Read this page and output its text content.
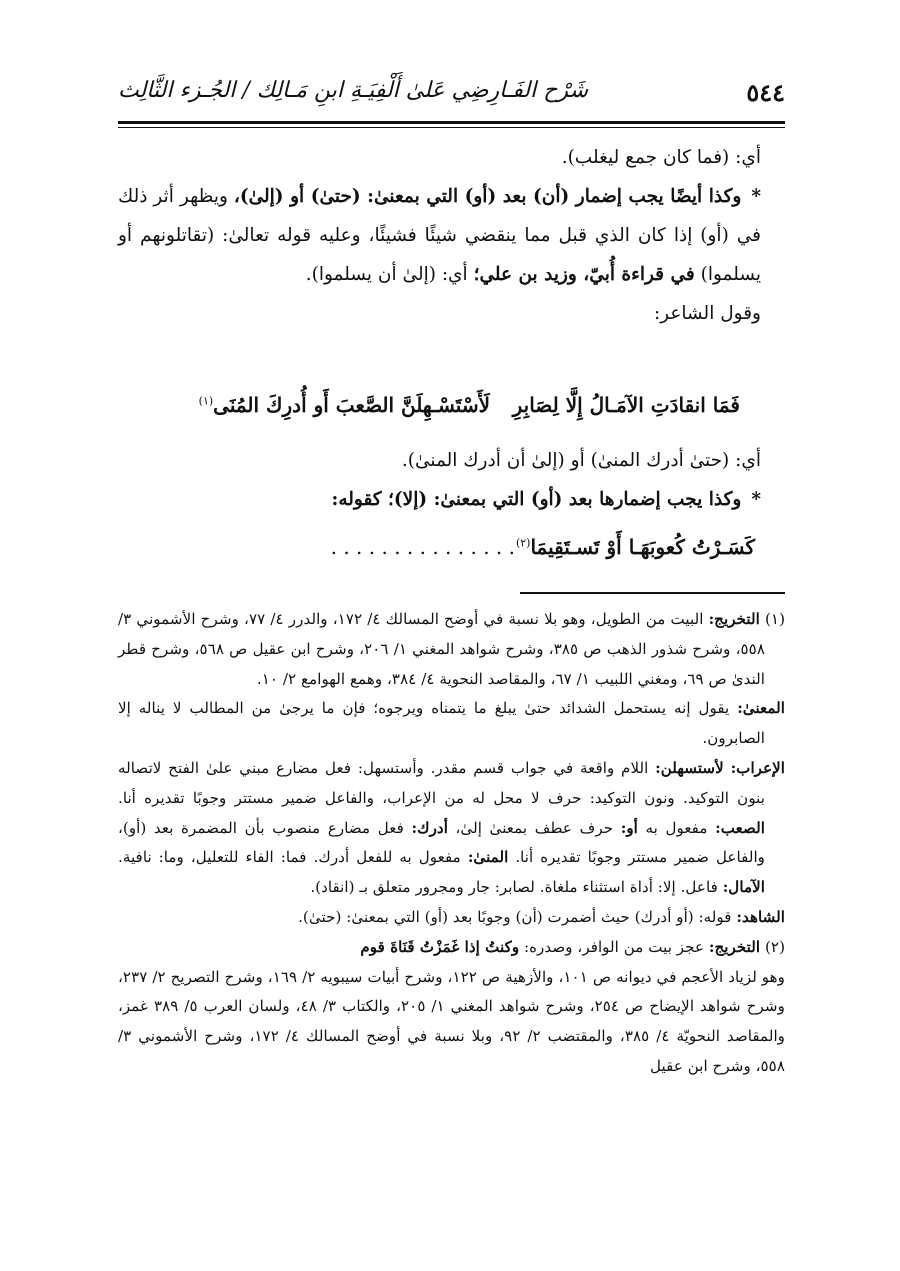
٥٤٤
شَرْح الفَـارِضِي عَلىٰ أَلْفِيَـةِ ابنِ مَـالِك / الجُـزء الثَّالِث

أي: (فما كان جمع ليغلب).

*وكذا أيضًا يجب إضمار (أن) بعد (أو) التي بمعنىٰ: (حتىٰ) أو (إلىٰ)، ويظهر أثر ذلك في (أو) إذا كان الذي قبل مما ينقضي شيئًا فشيئًا، وعليه قوله تعالىٰ: (تقاتلونهم أو يسلموا) في قراءة أُبيّ، وزيد بن علي؛ أي: (إلىٰ أن يسلموا).

وقول الشاعر:

لَأَسْتَسْـهِلَنَّ الصَّعبَ أَو أُدرِكَ المُنَى$^{(١)}$	فَمَا انقادَتِ الآمَـالُ إِلَّا لِصَابِرِ

أي: (حتىٰ أدرك المنىٰ) أو (إلىٰ أن أدرك المنىٰ).

*وكذا يجب إضمارها بعد (أو) التي بمعنىٰ: (إلا)؛ كقوله:

كَسَـرْتُ كُعوبَهَـا أَوْ تَسـتَقِيمَا$^{(٢)}$
. . . . . . . . . . . . . . .

(١) التخريج: البيت من الطويل، وهو بلا نسبة في أوضح المسالك ٤/ ١٧٢، والدرر ٤/ ٧٧، وشرح الأشموني ٣/ ٥٥٨، وشرح شذور الذهب ص ٣٨٥، وشرح شواهد المغني ١/ ٢٠٦، وشرح ابن عقيل ص ٥٦٨، وشرح قطر الندىٰ ص ٦٩، ومغني اللبيب ١/ ٦٧، والمقاصد النحوية ٤/ ٣٨٤، وهمع الهوامع ٢/ ١٠.

المعنىٰ: يقول إنه يستحمل الشدائد حتىٰ يبلغ ما يتمناه ويرجوه؛ فإن ما يرجىٰ من المطالب لا يناله إلا الصابرون.

الإعراب: لأستسهلن: اللام واقعة في جواب قسم مقدر. وأستسهل: فعل مضارع مبني علىٰ الفتح لاتصاله بنون التوكيد. ونون التوكيد: حرف لا محل له من الإعراب، والفاعل ضمير مستتر وجوبًا تقديره أنا. الصعب: مفعول به أو: حرف عطف بمعنىٰ إلىٰ، أدرك: فعل مضارع منصوب بأن المضمرة بعد (أو)، والفاعل ضمير مستتر وجوبًا تقديره أنا. المنىٰ: مفعول به للفعل أدرك. فما: الفاء للتعليل، وما: نافية. الآمال: فاعل. إلا: أداة استثناء ملغاة. لصابر: جار ومجرور متعلق بـ (انقاد).

الشاهد: قوله: (أو أدرك) حيث أضمرت (أن) وجوبًا بعد (أو) التي بمعنىٰ: (حتىٰ).

(٢) التخريج: عجز بيت من الوافر، وصدره: وكنتُ إذا غَمَزْتُ قَنَاةَ قوم

وهو لزياد الأعجم في ديوانه ص ١٠١، والأزهية ص ١٢٢، وشرح أبيات سيبويه ٢/ ١٦٩، وشرح التصريح ٢/ ٢٣٧، وشرح شواهد الإيضاح ص ٢٥٤، وشرح شواهد المغني ١/ ٢٠٥، والكتاب ٣/ ٤٨، ولسان العرب ٥/ ٣٨٩ غمز، والمقاصد النحويّة ٤/ ٣٨٥، والمقتضب ٢/ ٩٢، وبلا نسبة في أوضح المسالك ٤/ ١٧٢، وشرح الأشموني ٣/ ٥٥٨، وشرح ابن عقيل
